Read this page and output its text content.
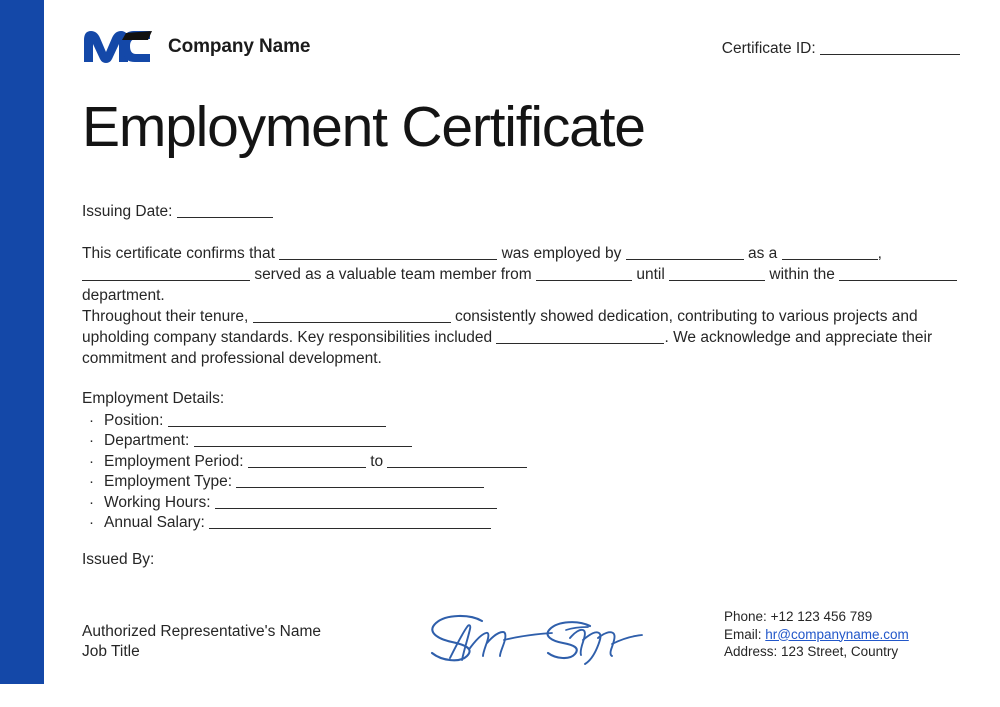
Company Name	Certificate ID:
Employment Certificate
Issuing Date:

This certificate confirms that	was employed by	as a	,  served as a valuable team member from	until	within the  department.

Throughout their tenure,	consistently showed dedication, contributing to various projects and upholding company standards. Key responsibilities included	. We acknowledge and appreciate their commitment and professional development.

Employment Details:
· Position:
· Department:
· Employment Period:	to
· Employment Type:
· Working Hours:
· Annual Salary:
Issued By:
Authorized Representative's Name
Job Title
Phone: +12 123 456 789
Email: hr@companyname.com
Address: 123 Street, Country
